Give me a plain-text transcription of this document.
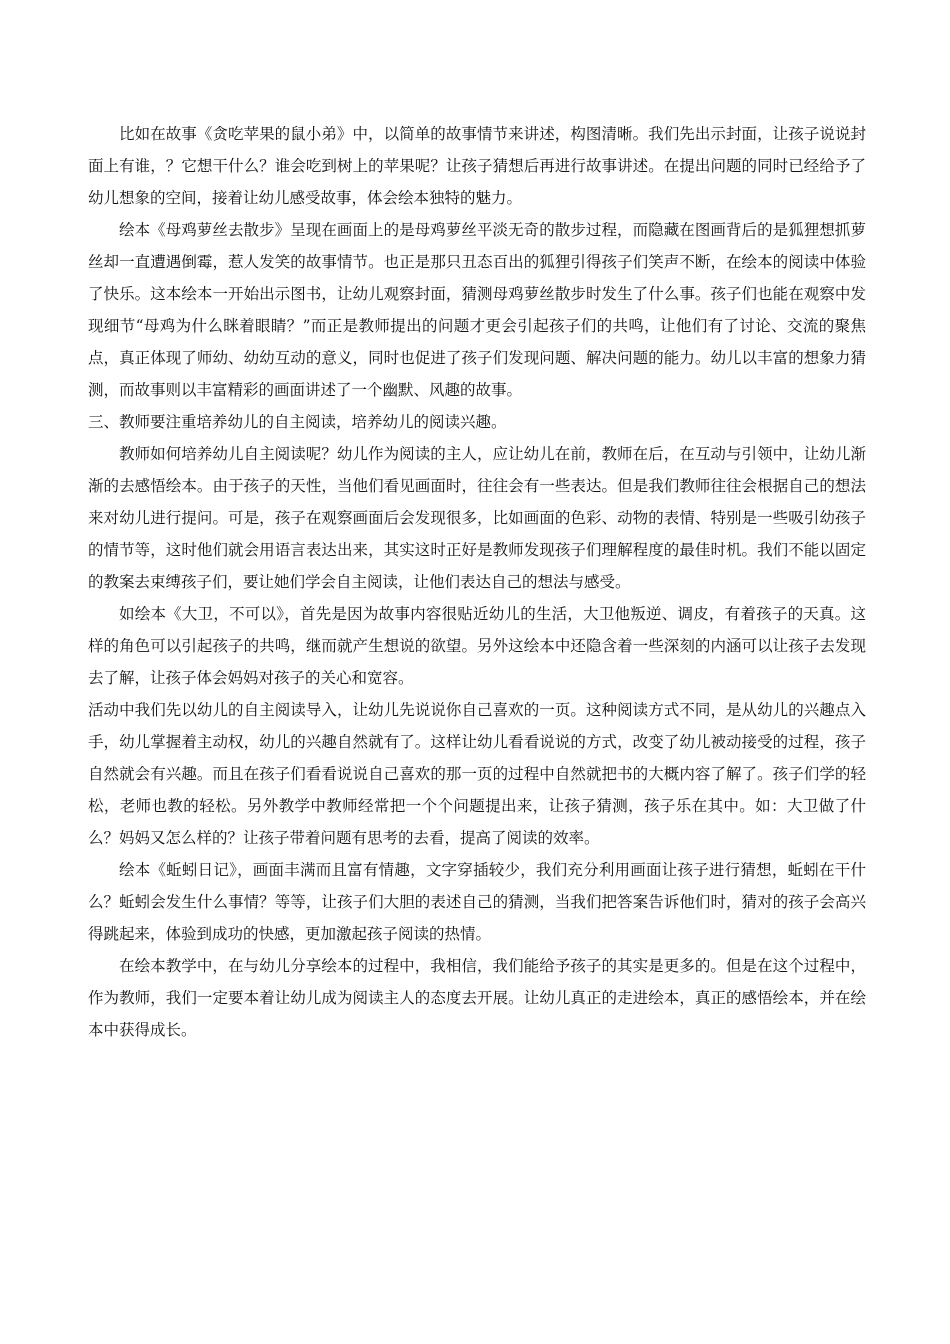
比如在故事《贪吃苹果的鼠小弟》中，以简单的故事情节来讲述，构图清晰。我们先出示封面，让孩子说说封面上有谁，？它想干什么？谁会吃到树上的苹果呢？让孩子猜想后再进行故事讲述。在提出问题的同时已经给予了幼儿想象的空间，接着让幼儿感受故事，体会绘本独特的魅力。

绘本《母鸡萝丝去散步》呈现在画面上的是母鸡萝丝平淡无奇的散步过程，而隐藏在图画背后的是狐狸想抓萝丝却一直遭遇倒霉，惹人发笑的故事情节。也正是那只丑态百出的狐狸引得孩子们笑声不断，在绘本的阅读中体验了快乐。这本绘本一开始出示图书，让幼儿观察封面，猜测母鸡萝丝散步时发生了什么事。孩子们也能在观察中发现细节“母鸡为什么眯着眼睛？”而正是教师提出的问题才更会引起孩子们的共鸣，让他们有了讨论、交流的聚焦点，真正体现了师幼、幼幼互动的意义，同时也促进了孩子们发现问题、解决问题的能力。幼儿以丰富的想象力猜测，而故事则以丰富精彩的画面讲述了一个幽默、风趣的故事。

三、教师要注重培养幼儿的自主阅读，培养幼儿的阅读兴趣。

教师如何培养幼儿自主阅读呢？幼儿作为阅读的主人，应让幼儿在前，教师在后，在互动与引领中，让幼儿渐渐的去感悟绘本。由于孩子的天性，当他们看见画面时，往往会有一些表达。但是我们教师往往会根据自己的想法来对幼儿进行提问。可是，孩子在观察画面后会发现很多，比如画面的色彩、动物的表情、特别是一些吸引幼孩子的情节等，这时他们就会用语言表达出来，其实这时正好是教师发现孩子们理解程度的最佳时机。我们不能以固定的教案去束缚孩子们，要让她们学会自主阅读，让他们表达自己的想法与感受。

如绘本《大卫，不可以》，首先是因为故事内容很贴近幼儿的生活，大卫他叛逆、调皮，有着孩子的天真。这样的角色可以引起孩子的共鸣，继而就产生想说的欲望。另外这绘本中还隐含着一些深刻的内涵可以让孩子去发现去了解，让孩子体会妈妈对孩子的关心和宽容。

活动中我们先以幼儿的自主阅读导入，让幼儿先说说你自己喜欢的一页。这种阅读方式不同，是从幼儿的兴趣点入手，幼儿掌握着主动权，幼儿的兴趣自然就有了。这样让幼儿看看说说的方式，改变了幼儿被动接受的过程，孩子自然就会有兴趣。而且在孩子们看看说说自己喜欢的那一页的过程中自然就把书的大概内容了解了。孩子们学的轻松，老师也教的轻松。另外教学中教师经常把一个个问题提出来，让孩子猜测，孩子乐在其中。如：大卫做了什么？妈妈又怎么样的？让孩子带着问题有思考的去看，提高了阅读的效率。

绘本《蚯蚓日记》，画面丰满而且富有情趣，文字穿插较少，我们充分利用画面让孩子进行猜想，蚯蚓在干什么？蚯蚓会发生什么事情？等等，让孩子们大胆的表述自己的猜测，当我们把答案告诉他们时，猜对的孩子会高兴得跳起来，体验到成功的快感，更加激起孩子阅读的热情。

在绘本教学中，在与幼儿分享绘本的过程中，我相信，我们能给予孩子的其实是更多的。但是在这个过程中，作为教师，我们一定要本着让幼儿成为阅读主人的态度去开展。让幼儿真正的走进绘本，真正的感悟绘本，并在绘本中获得成长。
